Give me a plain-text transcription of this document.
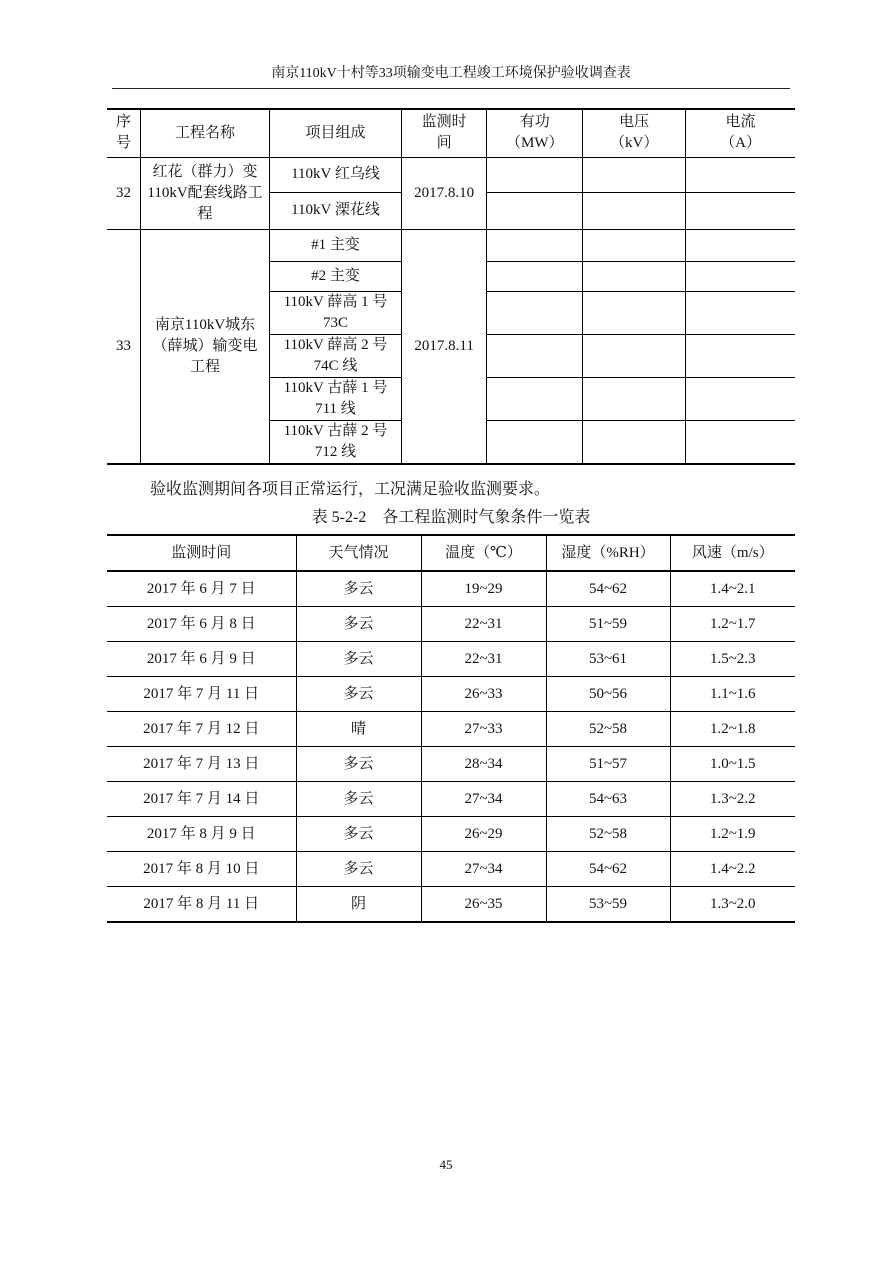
南京110kV十村等33项输变电工程竣工环境保护验收调查表
序号	工程名称	项目组成	监测时间	有功（MW）	电压（kV）	电流（A）
32	红花（群力）变110kV配套线路工程	110kV 红乌线	2017.8.10			
		110kV 溧花线				
33	南京110kV城东（薛城）输变电工程	#1 主变	2017.8.11			
		#2 主变				
		110kV 薛高 1 号73C				
		110kV 薛高 2 号74C 线				
		110kV 古薛 1 号711 线				
		110kV 古薛 2 号712 线				
验收监测期间各项目正常运行，工况满足验收监测要求。
表 5-2-2　各工程监测时气象条件一览表
监测时间	天气情况	温度（℃）	湿度（%RH）	风速（m/s）
2017 年 6 月 7 日	多云	19~29	54~62	1.4~2.1
2017 年 6 月 8 日	多云	22~31	51~59	1.2~1.7
2017 年 6 月 9 日	多云	22~31	53~61	1.5~2.3
2017 年 7 月 11 日	多云	26~33	50~56	1.1~1.6
2017 年 7 月 12 日	晴	27~33	52~58	1.2~1.8
2017 年 7 月 13 日	多云	28~34	51~57	1.0~1.5
2017 年 7 月 14 日	多云	27~34	54~63	1.3~2.2
2017 年 8 月 9 日	多云	26~29	52~58	1.2~1.9
2017 年 8 月 10 日	多云	27~34	54~62	1.4~2.2
2017 年 8 月 11 日	阴	26~35	53~59	1.3~2.0
45
